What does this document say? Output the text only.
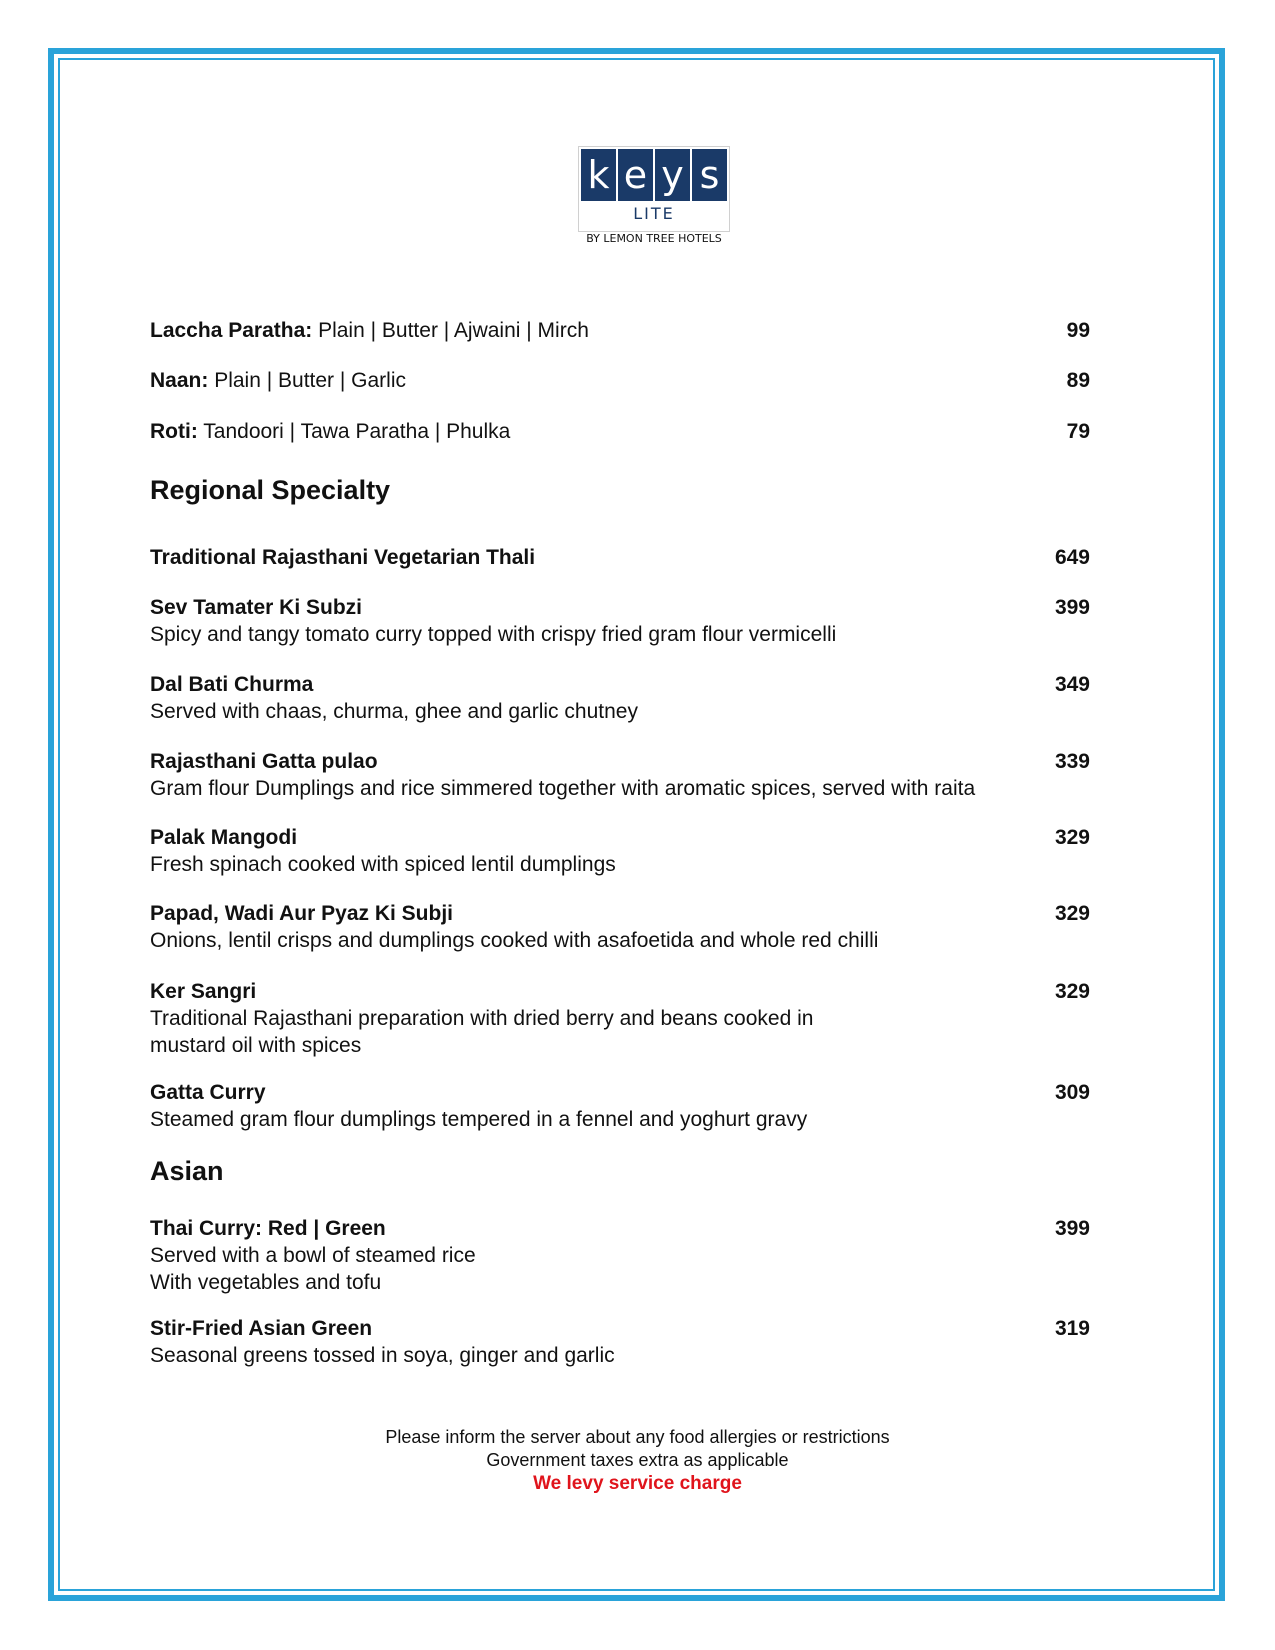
k e y s
LITE
BY LEMON TREE HOTELS
Laccha Paratha: Plain | Butter | Ajwaini | Mirch	99
Naan: Plain | Butter | Garlic	89
Roti: Tandoori | Tawa Paratha | Phulka	79
Regional Specialty
Traditional Rajasthani Vegetarian Thali	649
Sev Tamater Ki Subzi	399
Spicy and tangy tomato curry topped with crispy fried gram flour vermicelli
Dal Bati Churma	349
Served with chaas, churma, ghee and garlic chutney
Rajasthani Gatta pulao	339
Gram flour Dumplings and rice simmered together with aromatic spices, served with raita
Palak Mangodi	329
Fresh spinach cooked with spiced lentil dumplings
Papad, Wadi Aur Pyaz Ki Subji	329
Onions, lentil crisps and dumplings cooked with asafoetida and whole red chilli
Ker Sangri	329
Traditional Rajasthani preparation with dried berry and beans cooked in
mustard oil with spices
Gatta Curry	309
Steamed gram flour dumplings tempered in a fennel and yoghurt gravy
Asian
Thai Curry: Red | Green	399
Served with a bowl of steamed rice
With vegetables and tofu
Stir-Fried Asian Green	319
Seasonal greens tossed in soya, ginger and garlic
Please inform the server about any food allergies or restrictions
Government taxes extra as applicable
We levy service charge
